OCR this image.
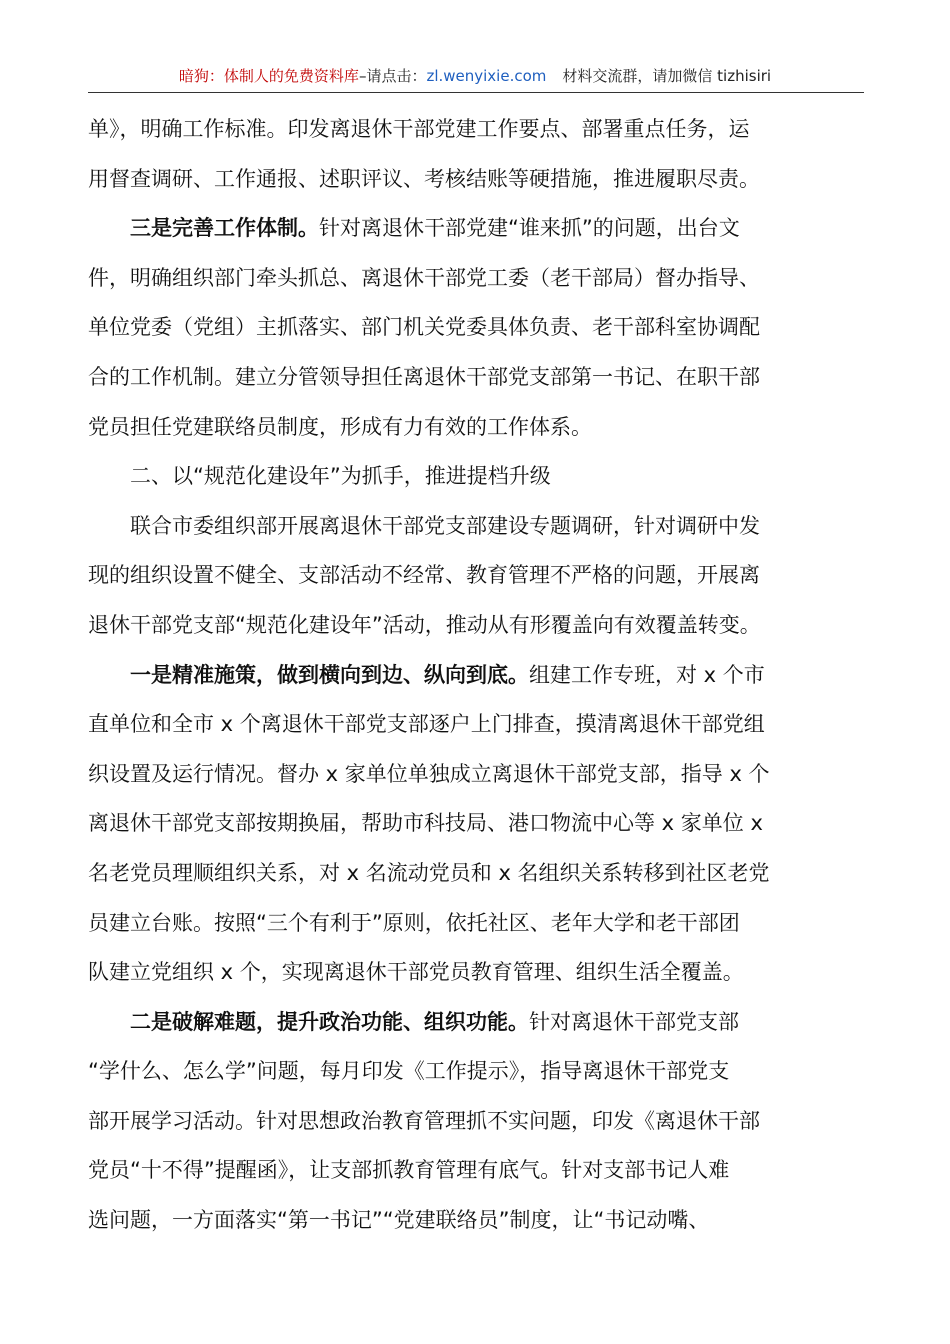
暗狗：体制人的免费资料库–请点击：zl.wenyixie.com 材料交流群，请加微信 tizhisiri

单》，明确工作标准。印发离退休干部党建工作要点、部署重点任务，运

用督查调研、工作通报、述职评议、考核结账等硬措施，推进履职尽责。

三是完善工作体制。针对离退休干部党建“谁来抓”的问题，出台文

件，明确组织部门牵头抓总、离退休干部党工委（老干部局）督办指导、

单位党委（党组）主抓落实、部门机关党委具体负责、老干部科室协调配

合的工作机制。建立分管领导担任离退休干部党支部第一书记、在职干部

党员担任党建联络员制度，形成有力有效的工作体系。

二、以“规范化建设年”为抓手，推进提档升级

联合市委组织部开展离退休干部党支部建设专题调研，针对调研中发

现的组织设置不健全、支部活动不经常、教育管理不严格的问题，开展离

退休干部党支部“规范化建设年”活动，推动从有形覆盖向有效覆盖转变。

一是精准施策，做到横向到边、纵向到底。组建工作专班，对 x 个市

直单位和全市 x 个离退休干部党支部逐户上门排查，摸清离退休干部党组

织设置及运行情况。督办 x 家单位单独成立离退休干部党支部，指导 x 个

离退休干部党支部按期换届，帮助市科技局、港口物流中心等 x 家单位 x

名老党员理顺组织关系，对 x 名流动党员和 x 名组织关系转移到社区老党

员建立台账。按照“三个有利于”原则，依托社区、老年大学和老干部团

队建立党组织 x 个，实现离退休干部党员教育管理、组织生活全覆盖。

二是破解难题，提升政治功能、组织功能。针对离退休干部党支部

“学什么、怎么学”问题，每月印发《工作提示》，指导离退休干部党支

部开展学习活动。针对思想政治教育管理抓不实问题，印发《离退休干部

党员“十不得”提醒函》，让支部抓教育管理有底气。针对支部书记人难

选问题，一方面落实“第一书记”“党建联络员”制度，让“书记动嘴、
